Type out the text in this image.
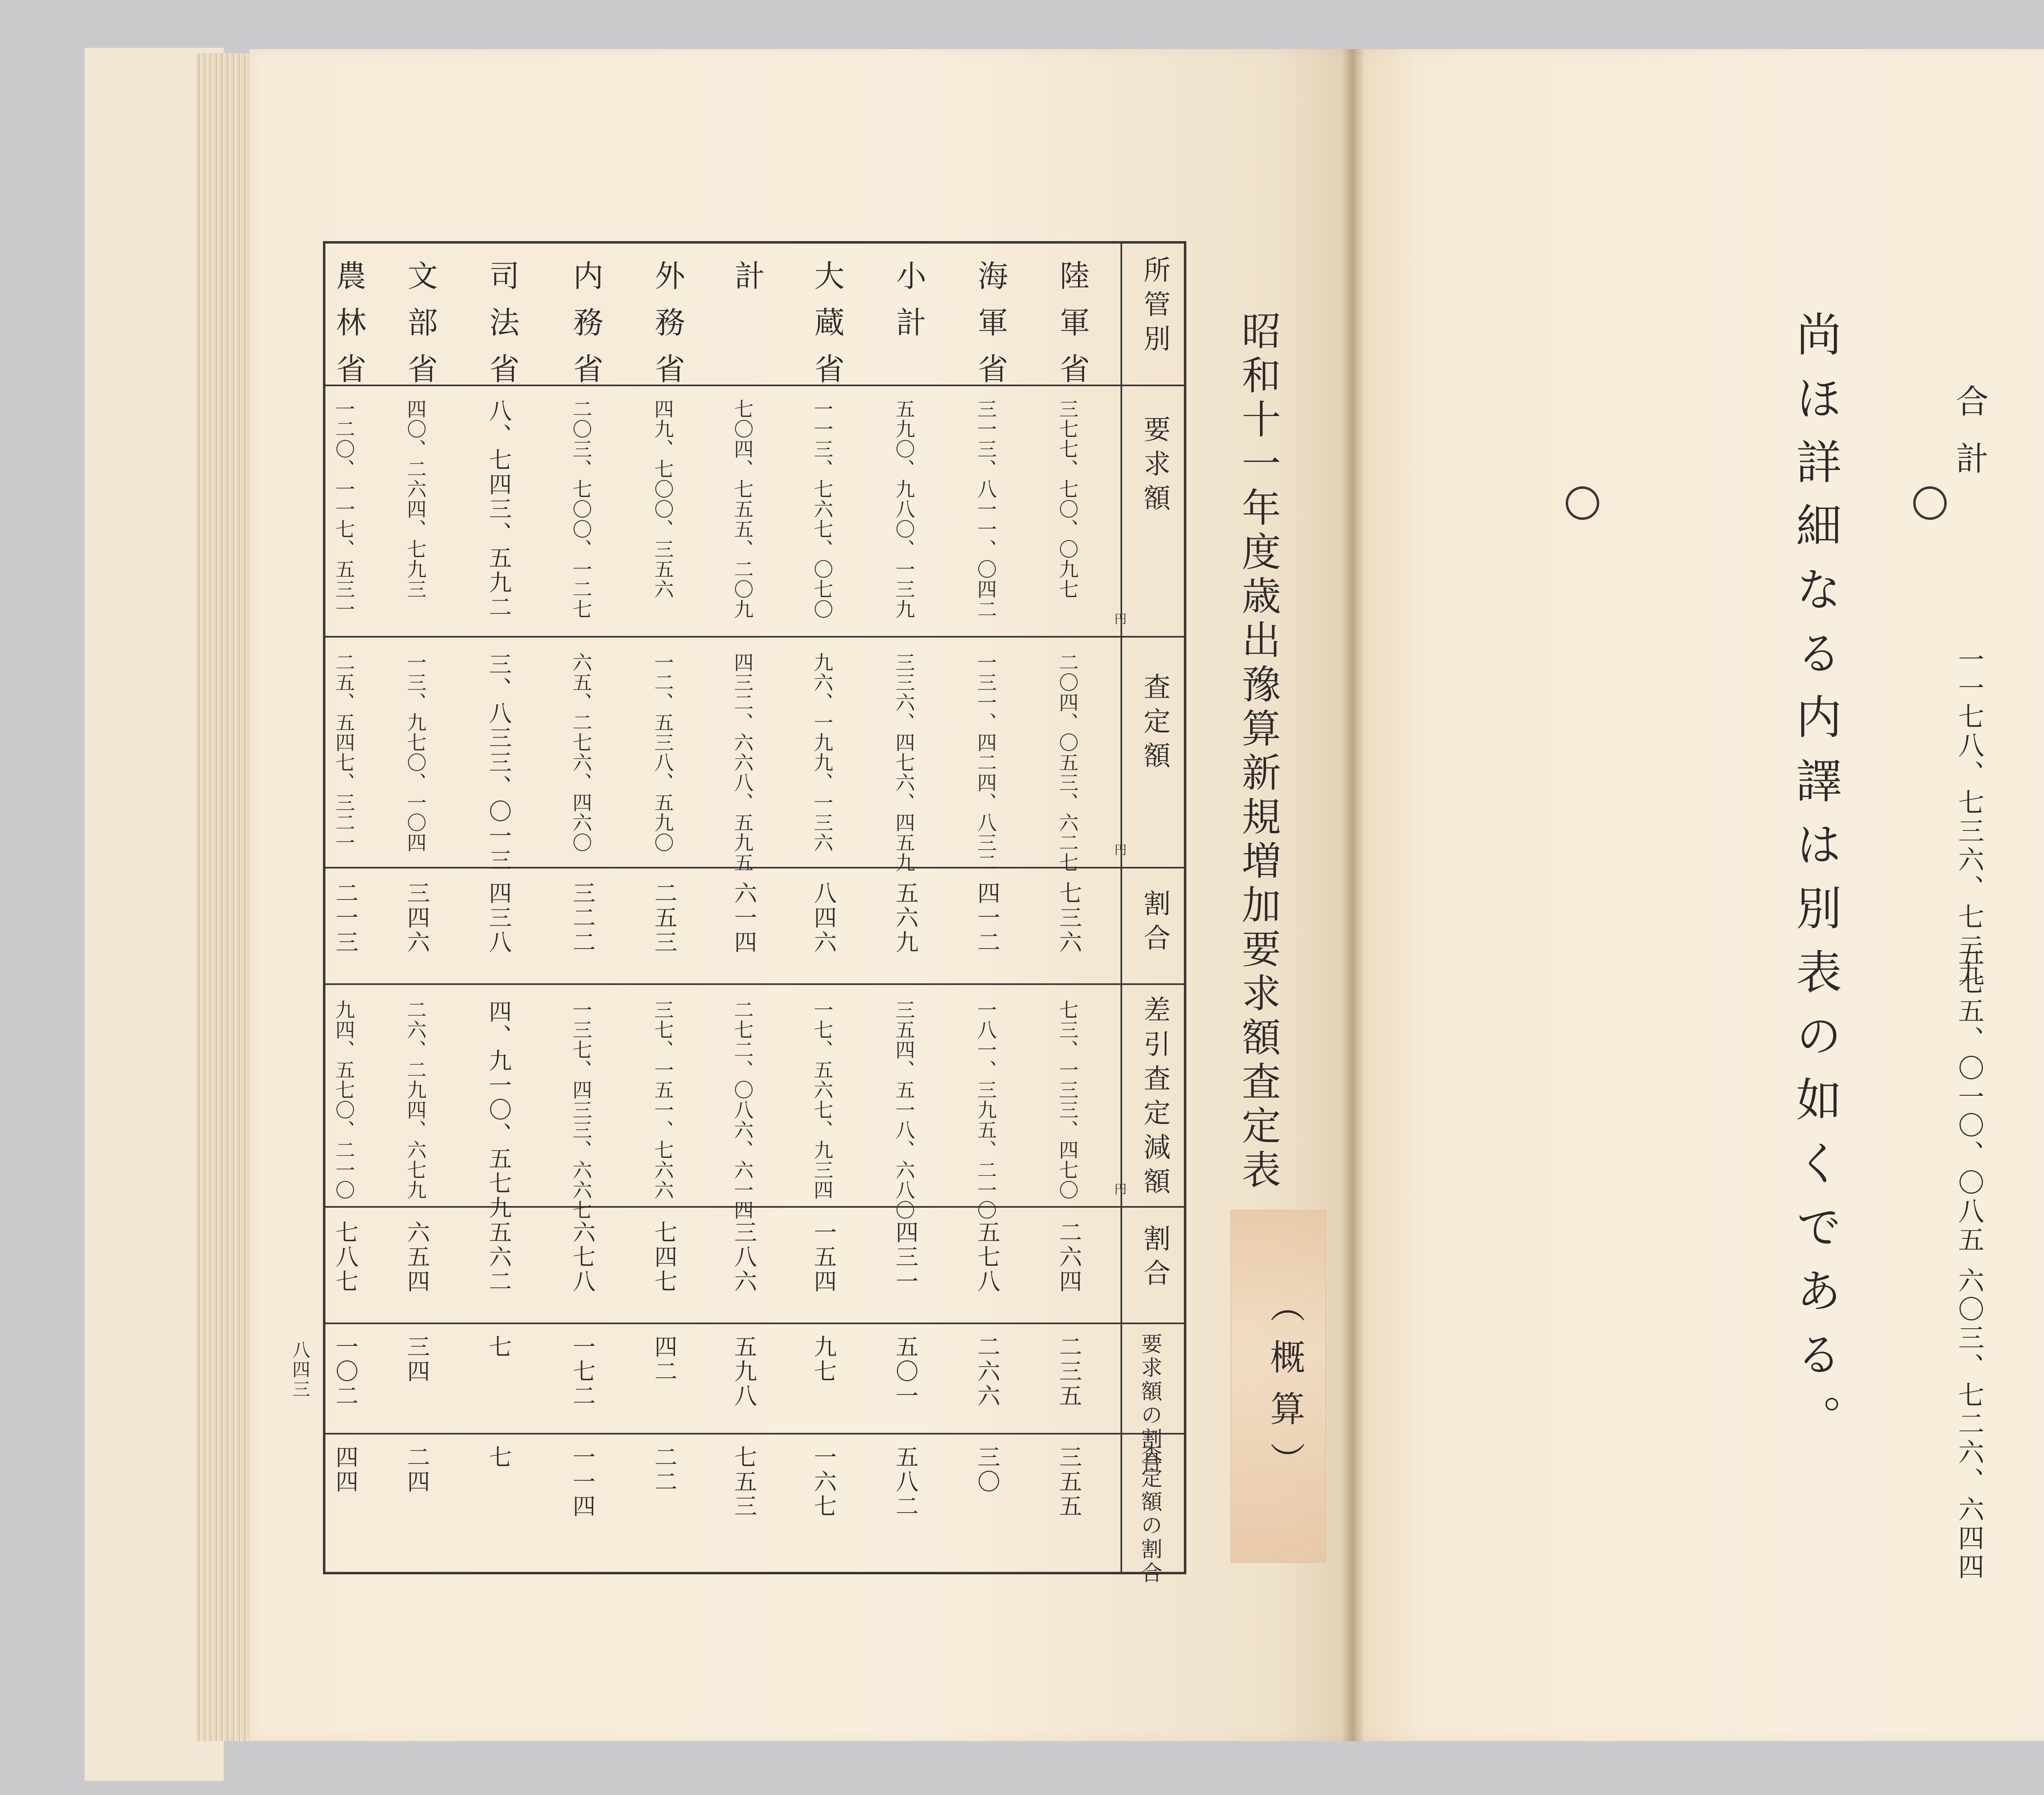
昭和十一年度歳出豫算新規増加要求額査定表
所管別
要求額
査定額
割合
差引査定減額
割合
要求額の割合
査定額の割合
円
円
円
陸軍省
三七七、七〇、〇九七
二〇四、〇五三、六二七
七三六
七三、一三三、四七〇
二六四
二三五
三五五
海軍省
三一三、八一一、〇四二
一三一、四二四、八三二
四一二
一八一、三九五、二一〇
五七八
二六六
三〇
小計
五九〇、九八〇、一三九
三三六、四七六、四五九
五六九
三五四、五一八、六八〇
四三一
五〇一
五八二
大蔵省
一一三、七六七、〇七〇
九六、一九九、一三六
八四六
一七、五六七、九三四
一五四
九七
一六七
計
七〇四、七五五、二〇九
四三二、六六八、五九五
六一四
二七二、〇八六、六一四
三八六
五九八
七五三
外務省
四九、七〇〇、三五六
一二、五三八、五九〇
二五三
三七、一五一、七六六
七四七
四二
二二
内務省
二〇三、七〇〇、一二七
六五、二七六、四六〇
三二二
一三七、四三三、六六七
六七八
一七二
一一四
司法省
八、七四三、五九二
三、八三三、〇一三
四三八
四、九一〇、五七九
五六二
七
七
文部省
四〇、二六四、七九三
一三、九七〇、一〇四
三四六
二六、二九四、六七九
六五四
三四
二四
農林省
一二〇、一一七、五三一
二五、五四七、三二一
二一三
九四、五七〇、二一〇
七八七
一〇二
四四	（概算）
八四三
合計
一一七八、七三六、七二九
五七五、〇一〇、〇八五
六〇三、七二六、六四四
尚ほ詳細なる内譯は別表の如くである。
